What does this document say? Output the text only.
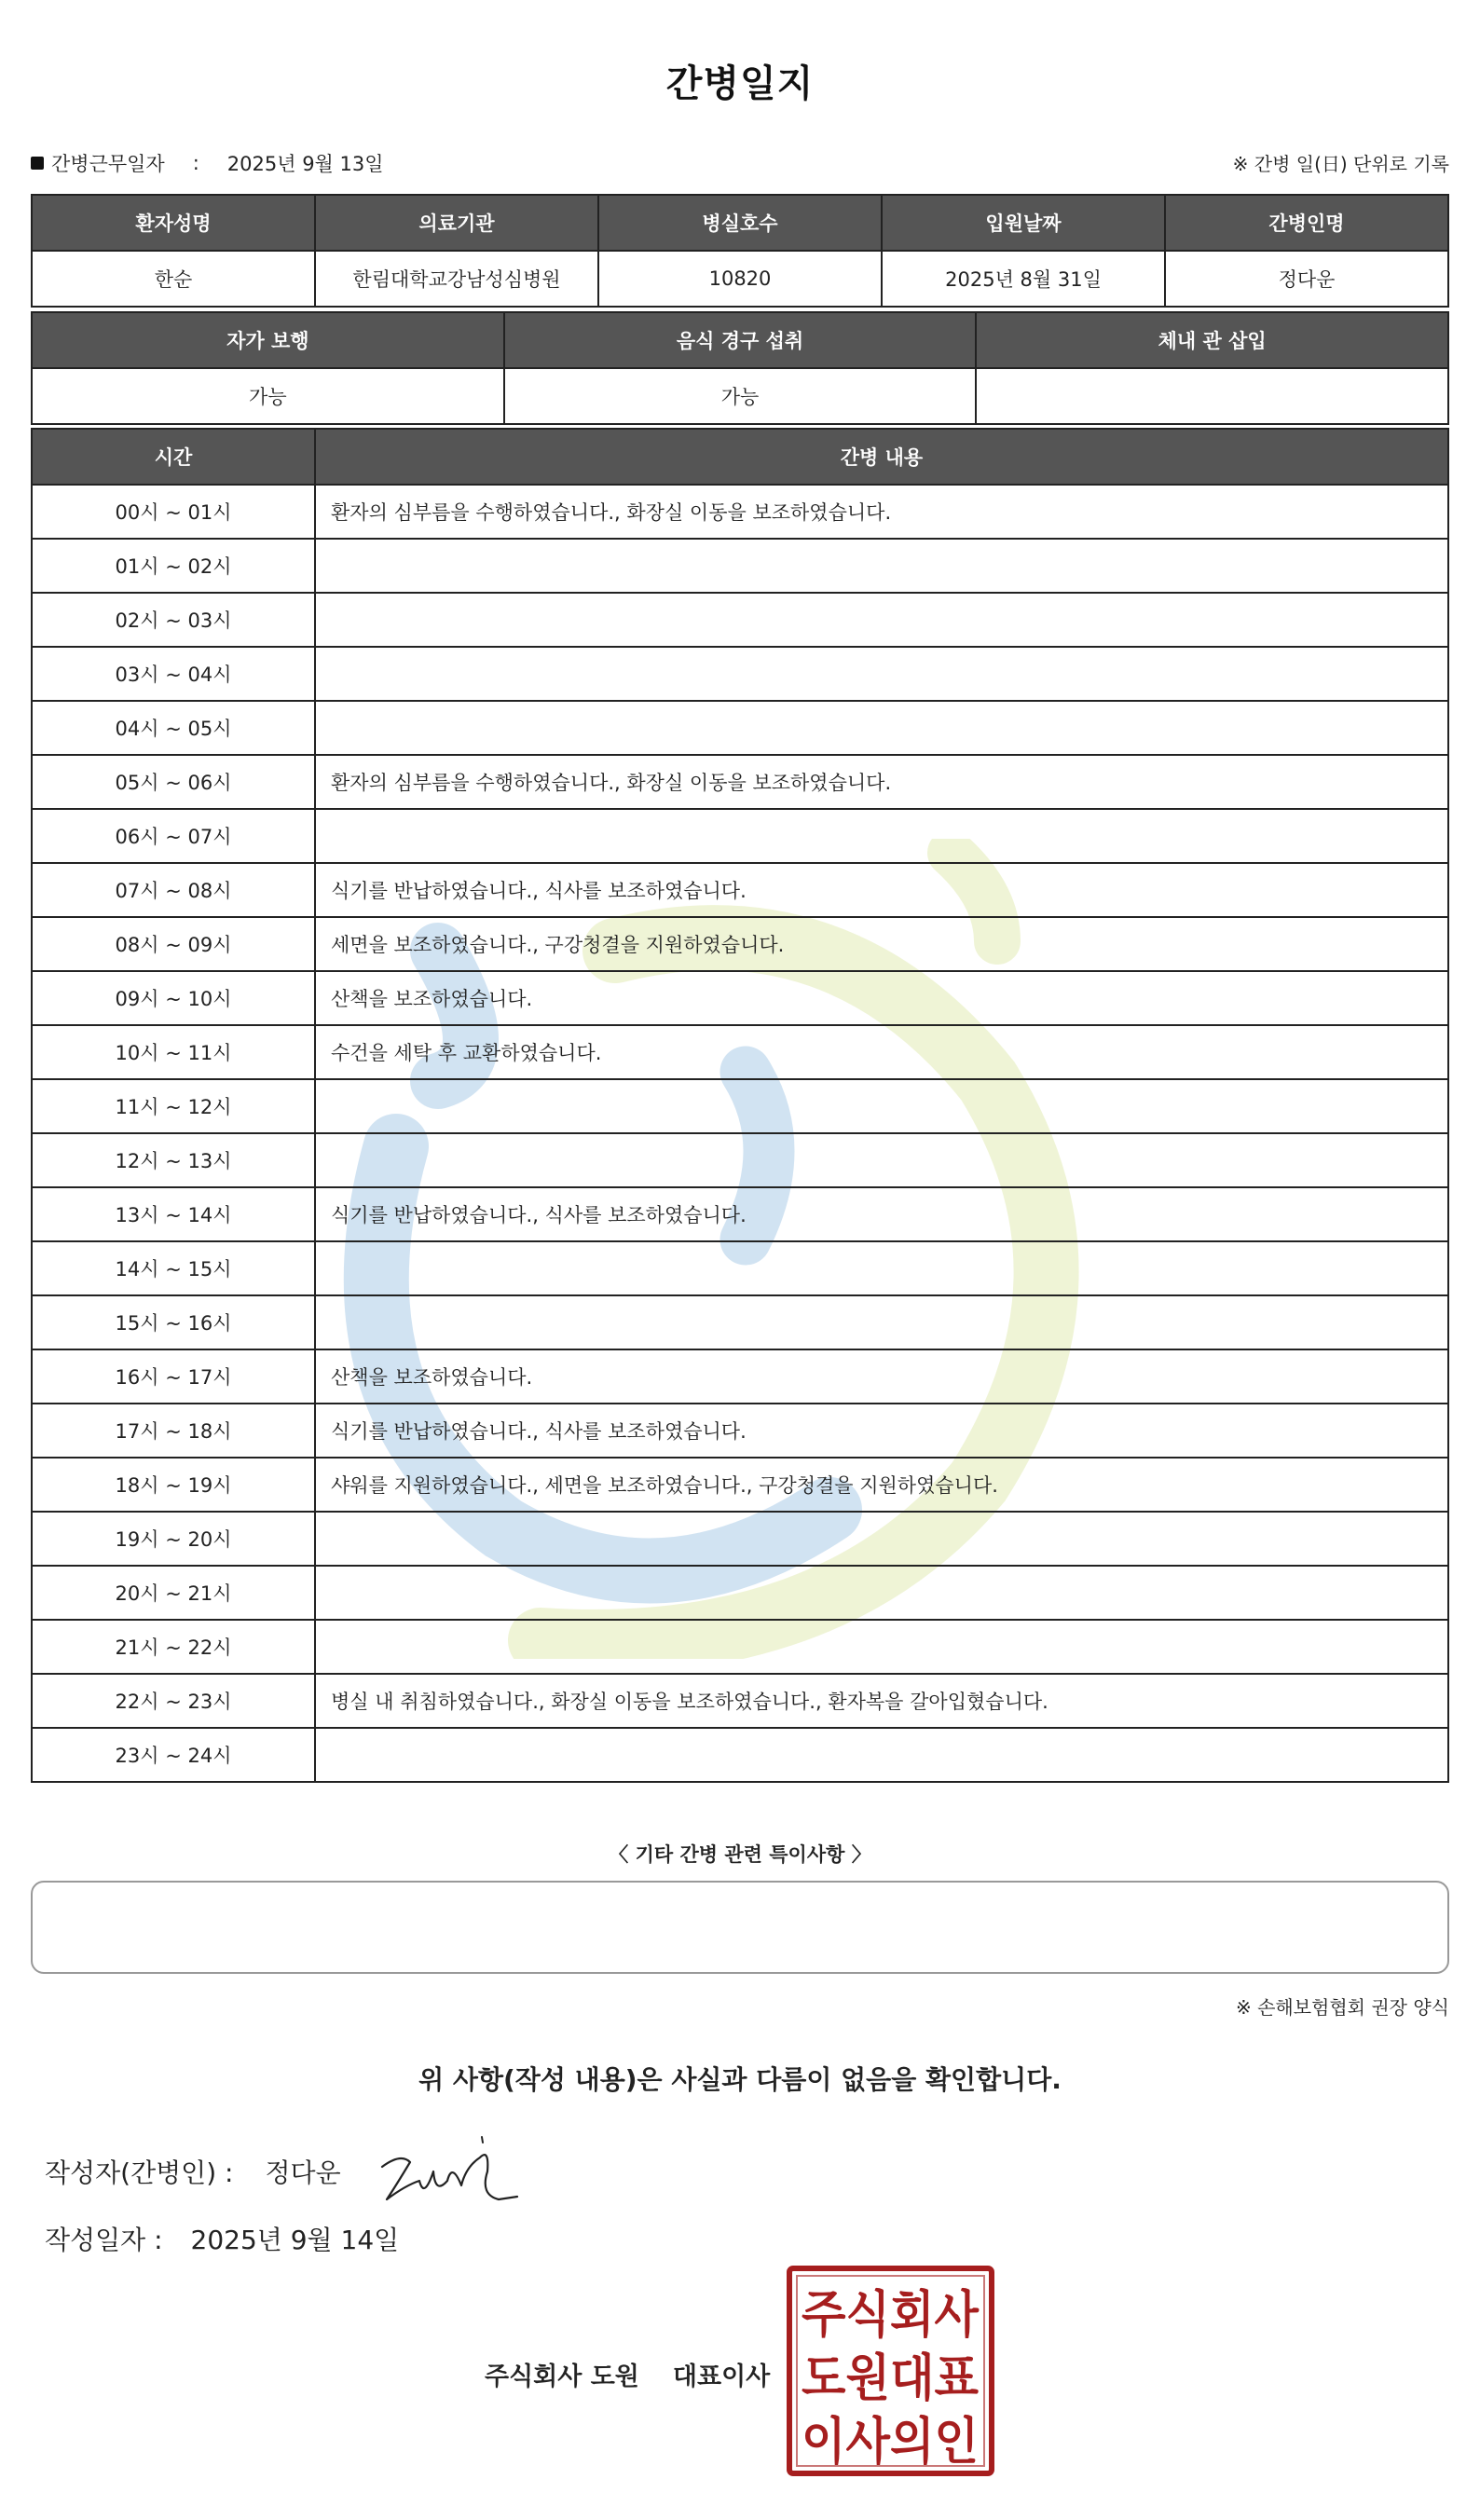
간병일지
간병근무일자 : 2025년 9월 13일	※ 간병 일(日) 단위로 기록
환자성명	의료기관	병실호수	입원날짜	간병인명
한순	한림대학교강남성심병원	10820	2025년 8월 31일	정다운
자가 보행	음식 경구 섭취	체내 관 삽입
가능	가능	
시간	간병 내용
00시 ~ 01시	환자의 심부름을 수행하였습니다., 화장실 이동을 보조하였습니다.
01시 ~ 02시	
02시 ~ 03시	
03시 ~ 04시	
04시 ~ 05시	
05시 ~ 06시	환자의 심부름을 수행하였습니다., 화장실 이동을 보조하였습니다.
06시 ~ 07시	
07시 ~ 08시	식기를 반납하였습니다., 식사를 보조하였습니다.
08시 ~ 09시	세면을 보조하였습니다., 구강청결을 지원하였습니다.
09시 ~ 10시	산책을 보조하였습니다.
10시 ~ 11시	수건을 세탁 후 교환하였습니다.
11시 ~ 12시	
12시 ~ 13시	
13시 ~ 14시	식기를 반납하였습니다., 식사를 보조하였습니다.
14시 ~ 15시	
15시 ~ 16시	
16시 ~ 17시	산책을 보조하였습니다.
17시 ~ 18시	식기를 반납하였습니다., 식사를 보조하였습니다.
18시 ~ 19시	샤워를 지원하였습니다., 세면을 보조하였습니다., 구강청결을 지원하였습니다.
19시 ~ 20시	
20시 ~ 21시	
21시 ~ 22시	
22시 ~ 23시	병실 내 취침하였습니다., 화장실 이동을 보조하였습니다., 환자복을 갈아입혔습니다.
23시 ~ 24시	
〈 기타 간병 관련 특이사항 〉
※ 손해보험협회 권장 양식
위 사항(작성 내용)은 사실과 다름이 없음을 확인합니다.
작성자(간병인) : 정다운
작성일자 : 2025년 9월 14일
주식회사 도원 대표이사
주식회사
도원대표
이사의인
